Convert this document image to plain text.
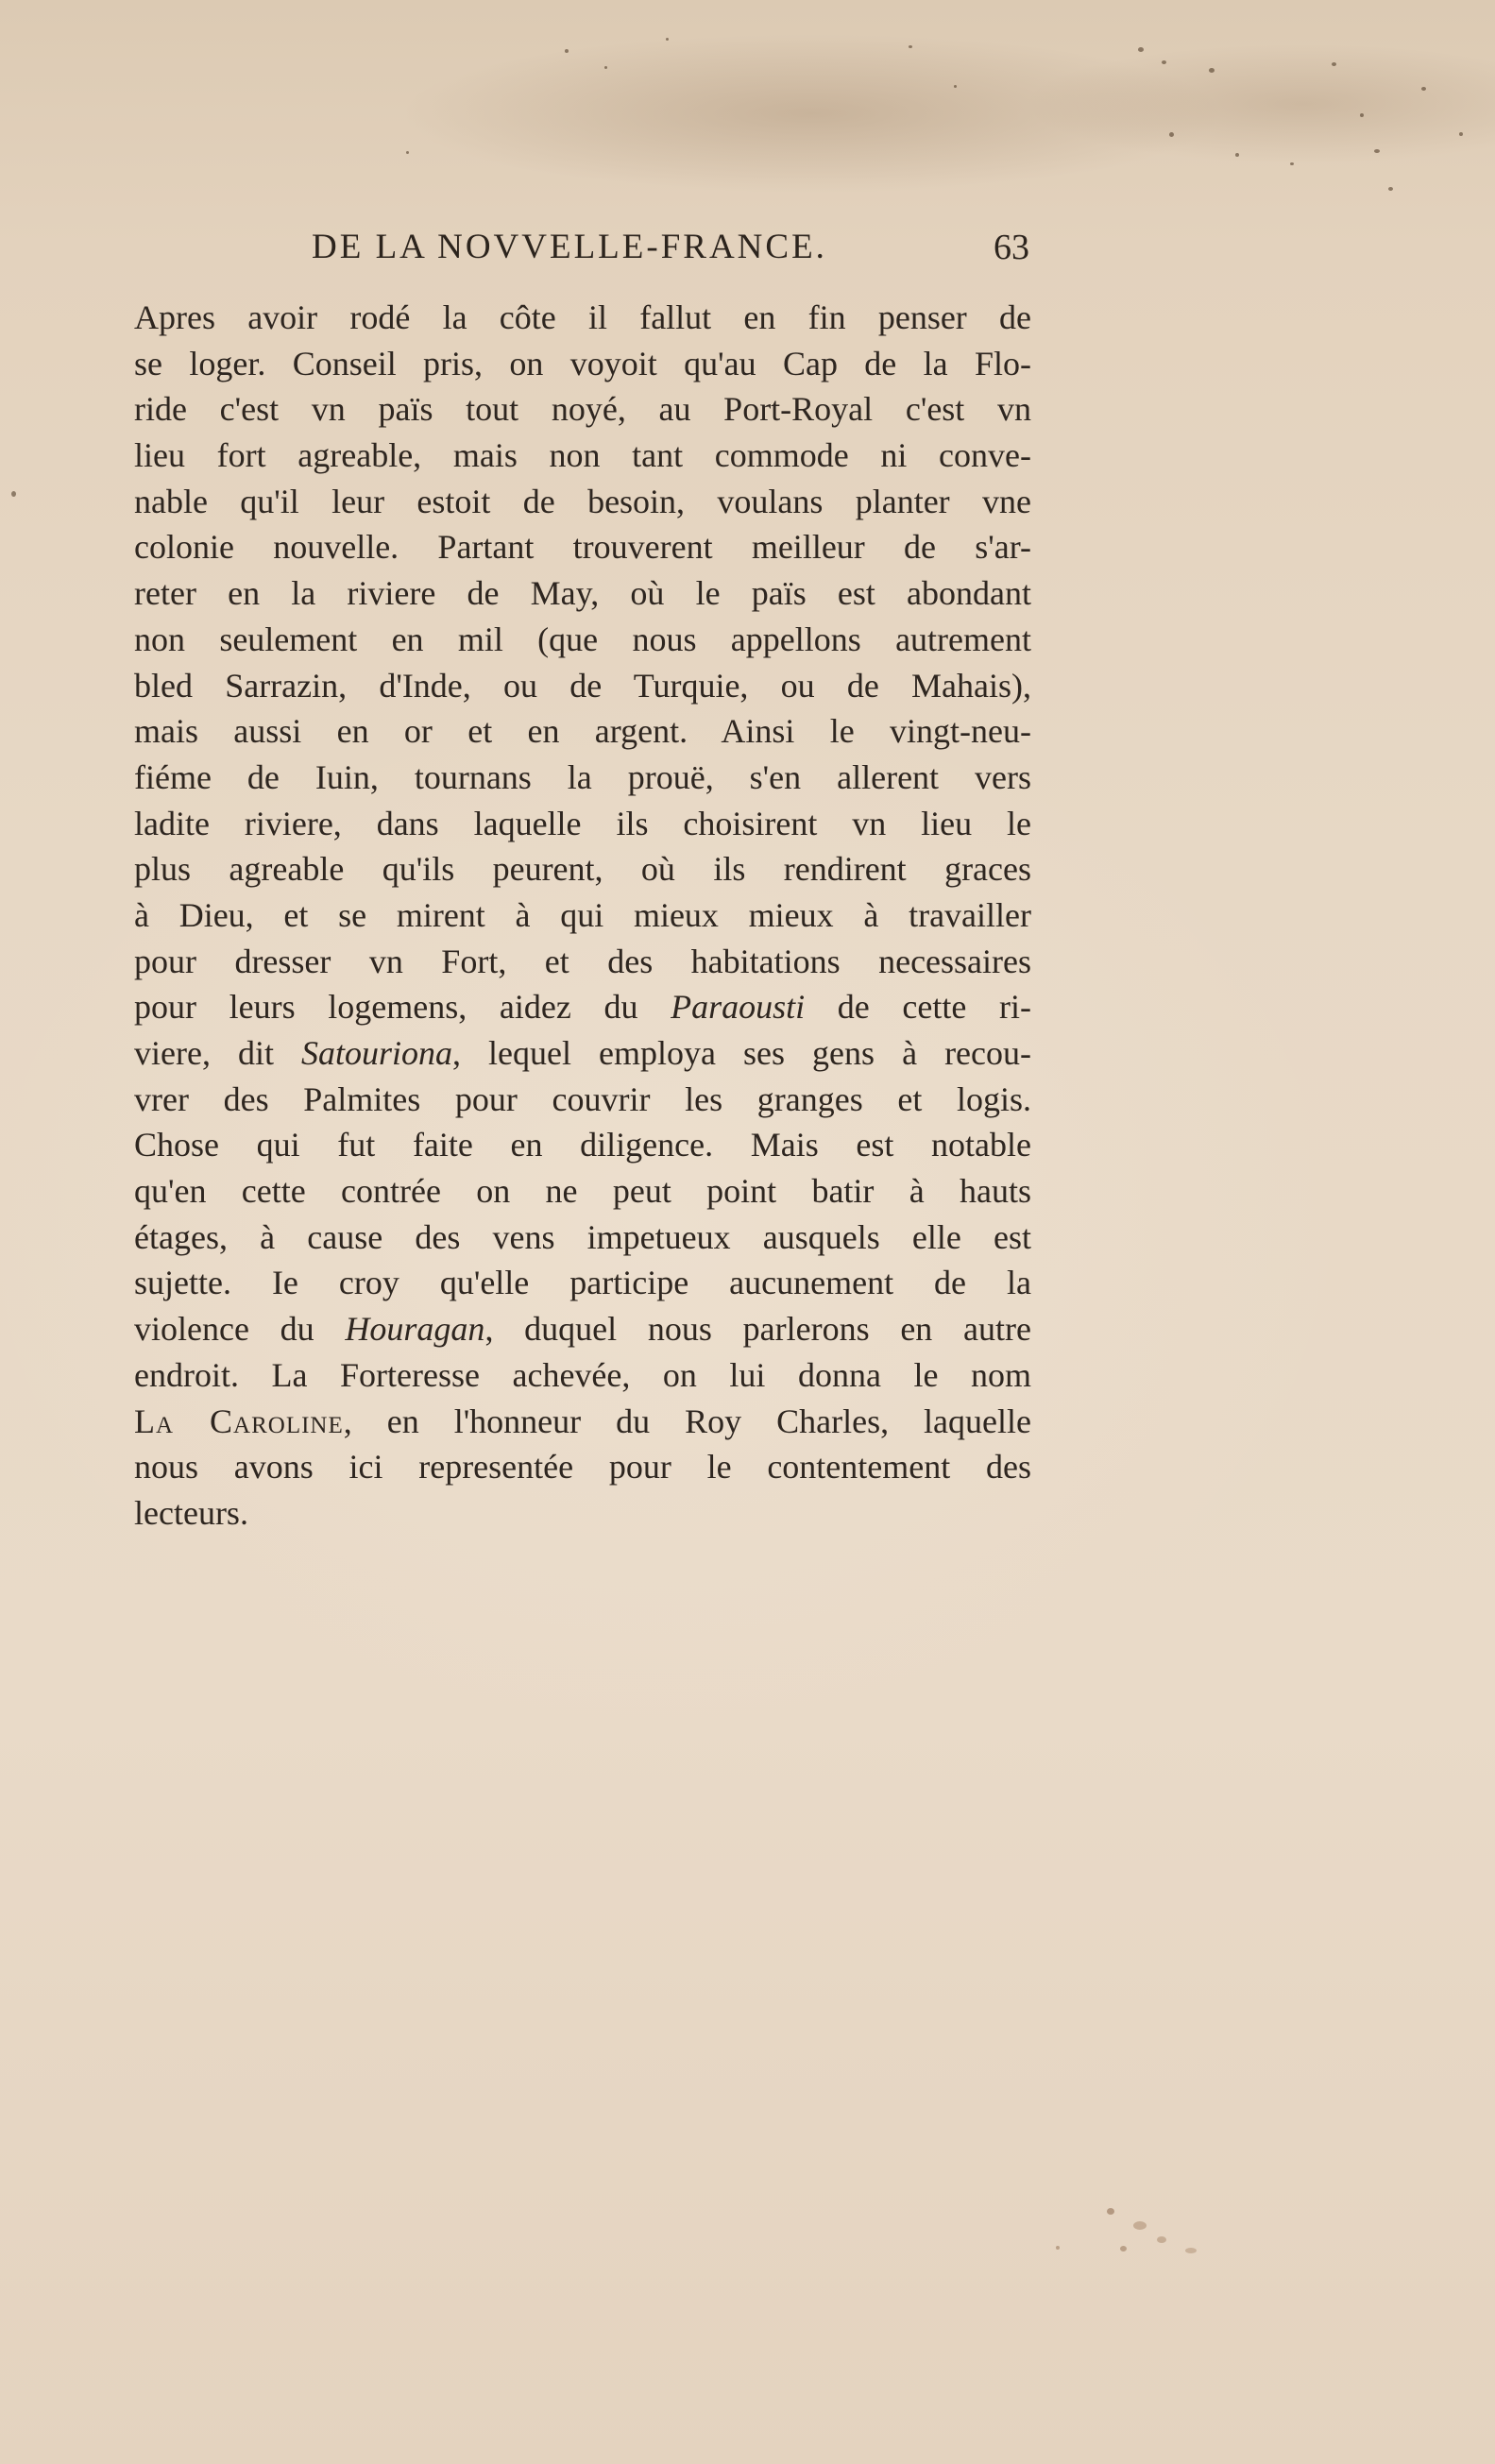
DE LA NOVVELLE-FRANCE.	63
Apres avoir rodé la côte il fallut en fin penser de
se loger. Conseil pris, on voyoit qu'au Cap de la Flo-
ride c'est vn païs tout noyé, au Port-Royal c'est vn
lieu fort agreable, mais non tant commode ni conve-
nable qu'il leur estoit de besoin, voulans planter vne
colonie nouvelle. Partant trouverent meilleur de s'ar-
reter en la riviere de May, où le païs est abondant
non seulement en mil (que nous appellons autrement
bled Sarrazin, d'Inde, ou de Turquie, ou de Mahais),
mais aussi en or et en argent. Ainsi le vingt-neu-
fiéme de Iuin, tournans la prouë, s'en allerent vers
ladite riviere, dans laquelle ils choisirent vn lieu le
plus agreable qu'ils peurent, où ils rendirent graces
à Dieu, et se mirent à qui mieux mieux à travailler
pour dresser vn Fort, et des habitations necessaires
pour leurs logemens, aidez du Paraousti de cette ri-
viere, dit Satouriona, lequel employa ses gens à recou-
vrer des Palmites pour couvrir les granges et logis.
Chose qui fut faite en diligence. Mais est notable
qu'en cette contrée on ne peut point batir à hauts
étages, à cause des vens impetueux ausquels elle est
sujette. Ie croy qu'elle participe aucunement de la
violence du Houragan, duquel nous parlerons en autre
endroit. La Forteresse achevée, on lui donna le nom
La Caroline, en l'honneur du Roy Charles, laquelle
nous avons ici representée pour le contentement des
lecteurs.
